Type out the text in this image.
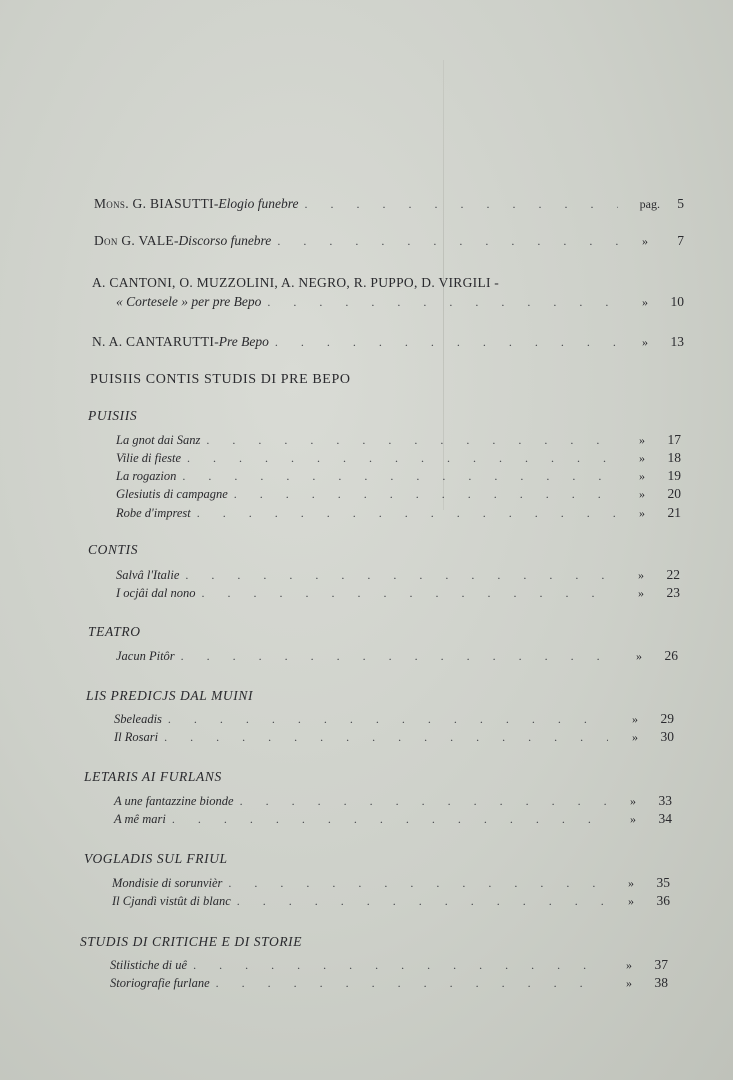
Mons. G. BIASUTTI - Elogio funebre . . .	pag.	5
Don G. VALE - Discorso funebre . . .	»	7
A. CANTONI, O. MUZZOLINI, A. NEGRO, R. PUPPO, D. VIRGILI -
« Cortesele » per pre Bepo . . .	» 10
N. A. CANTARUTTI - Pre Bepo . . .	» 13
PUISIIS CONTIS STUDIS DI PRE BEPO
PUISIIS
La gnot dai Sanz . . .	» 17
Vilie di fieste . . .	» 18
La rogazion . . .	» 19
Glesiutis di campagne . . .	» 20
Robe d'imprest . . .	» 21
CONTIS
Salvâ l'Italie . . .	» 22
I ocjâi dal nono . . .	» 23
TEATRO
Jacun Pitôr . . .	» 26
LIS PREDICJS DAL MUINI
Sbeleadis . . .	» 29
Il Rosari . . .	» 30
LETARIS AI FURLANS
A une fantazzine bionde . . .	» 33
A mê mari . . .	» 34
VOGLADIS SUL FRIUL
Mondisie di sorunvièr . . .	» 35
Il Cjandì vistût di blanc . . .	» 36
STUDIS DI CRITICHE E DI STORIE
Stilistiche di uê . . .	» 37
Storiografie furlane . . .	» 38
